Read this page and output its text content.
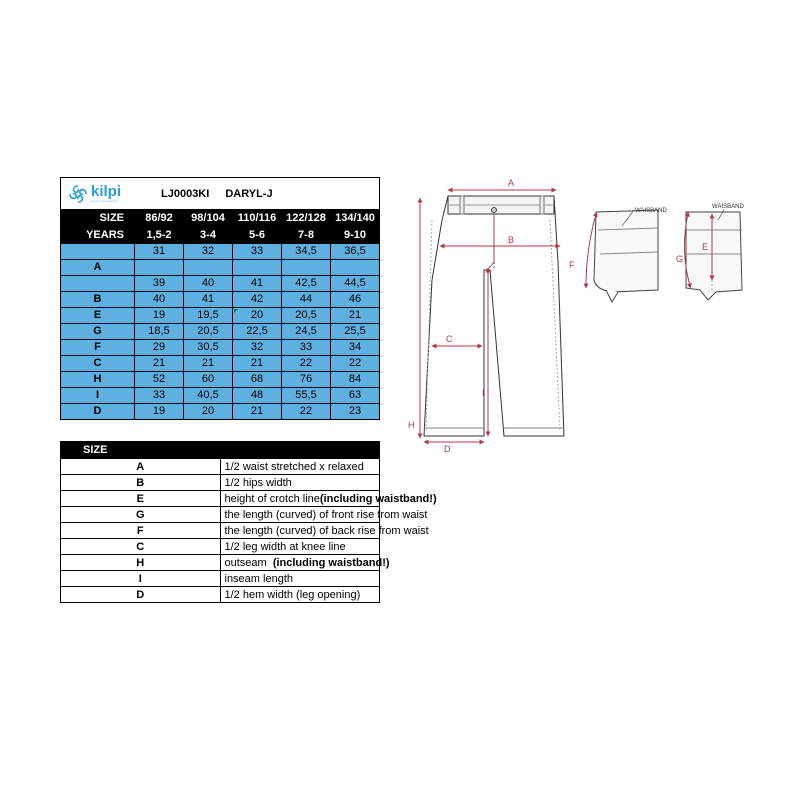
kilpi
Sport in its essence
LJ0003KI DARYL-J
SIZE	86/92	98/104	110/116	122/128	134/140
YEARS	1,5-2	3-4	5-6	7-8	9-10
	31	32	33	34,5	36,5
A					
	39	40	41	42,5	44,5
B	40	41	42	44	46
E	19	19,5	20	20,5	21
G	18,5	20,5	22,5	24,5	25,5
F	29	30,5	32	33	34
C	21	21	21	22	22
H	52	60	68	76	84
I	33	40,5	48	55,5	63
D	19	20	21	22	23
SIZE	
A	1/2 waist stretched x relaxed
B	1/2 hips width
E	height of crotch line(including waistband!)
G	the length (curved) of front rise from waist
F	the length (curved) of back rise from waist
C	1/2 leg width at knee line
H	outseam  (including waistband!)
I	inseam length
D	1/2 hem width (leg opening)
A
B
C
D
H
I
F
WAISBAND
E
G
WAISBAND
